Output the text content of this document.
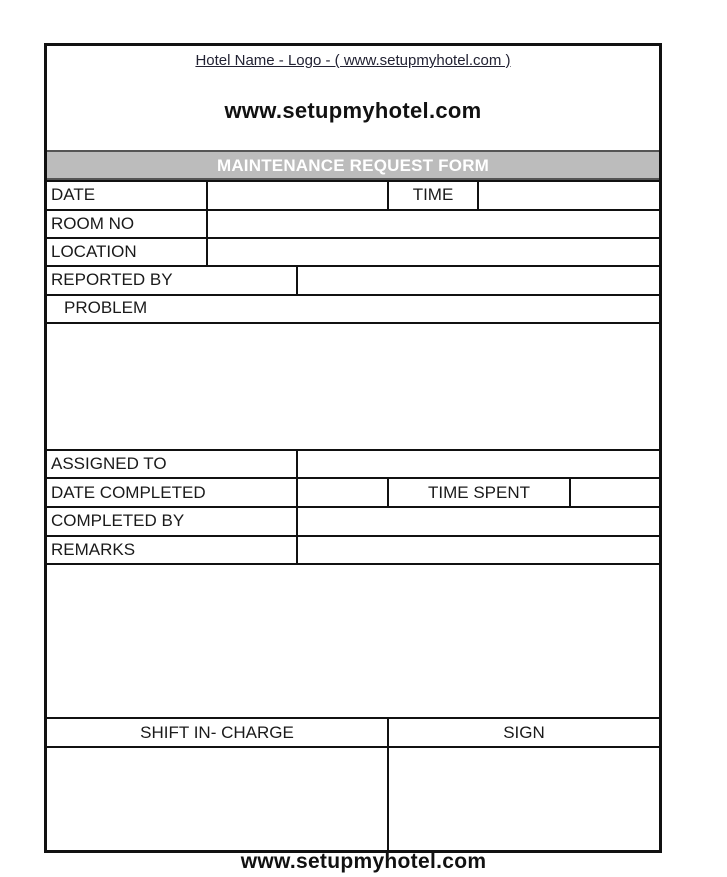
Hotel Name - Logo - ( www.setupmyhotel.com )
www.setupmyhotel.com
MAINTENANCE REQUEST FORM
DATE	TIME
ROOM NO
LOCATION
REPORTED BY
PROBLEM
ASSIGNED TO
DATE COMPLETED	TIME SPENT
COMPLETED BY
REMARKS
SHIFT IN- CHARGE	SIGN
www.setupmyhotel.com
